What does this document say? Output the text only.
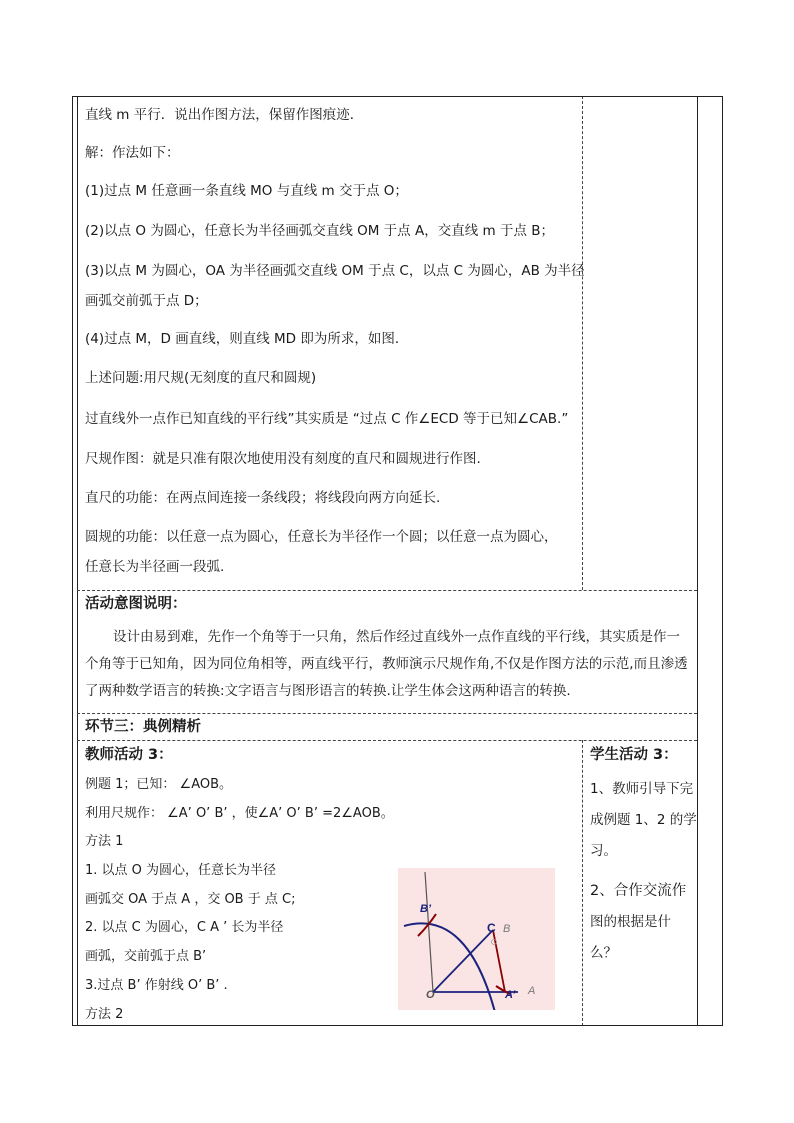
直线 m 平行．说出作图方法，保留作图痕迹．
解：作法如下：
(1)过点 M 任意画一条直线 MO 与直线 m 交于点 O；
(2)以点 O 为圆心，任意长为半径画弧交直线 OM 于点 A，交直线 m 于点 B；
(3)以点 M 为圆心，OA 为半径画弧交直线 OM 于点 C，以点 C 为圆心，AB 为半径
画弧交前弧于点 D；
(4)过点 M，D 画直线，则直线 MD 即为所求，如图．
上述问题:用尺规(无刻度的直尺和圆规)
过直线外一点作已知直线的平行线”其实质是 “过点 C 作∠ECD 等于已知∠CAB.”
尺规作图：就是只准有限次地使用没有刻度的直尺和圆规进行作图.
直尺的功能：在两点间连接一条线段；将线段向两方向延长.
圆规的功能：以任意一点为圆心，任意长为半径作一个圆；以任意一点为圆心，
任意长为半径画一段弧.
活动意图说明：
设计由易到难，先作一个角等于一只角，然后作经过直线外一点作直线的平行线，其实质是作一个角等于已知角，因为同位角相等，两直线平行，教师演示尺规作角,不仅是作图方法的示范,而且渗透了两种数学语言的转换:文字语言与图形语言的转换.让学生体会这两种语言的转换.
环节三：典例精析
教师活动 3：
例题 1；已知： ∠AOB。
利用尺规作： ∠A’ O’ B’ ，使∠A’ O’ B’ =2∠AOB。
方法 1
1. 以点 O 为圆心，任意长为半径
画弧交 OA 于点 A ，交 OB 于 点 C;
2. 以点 C 为圆心，C A ’ 长为半径
画弧，交前弧于点 B’
3.过点 B’ 作射线 O’ B’ .
方法 2
B’
C B
O	A’ A
学生活动 3：
1、教师引导下完
成例题 1、2 的学
习。
2、合作交流作
图的根据是什
么？
